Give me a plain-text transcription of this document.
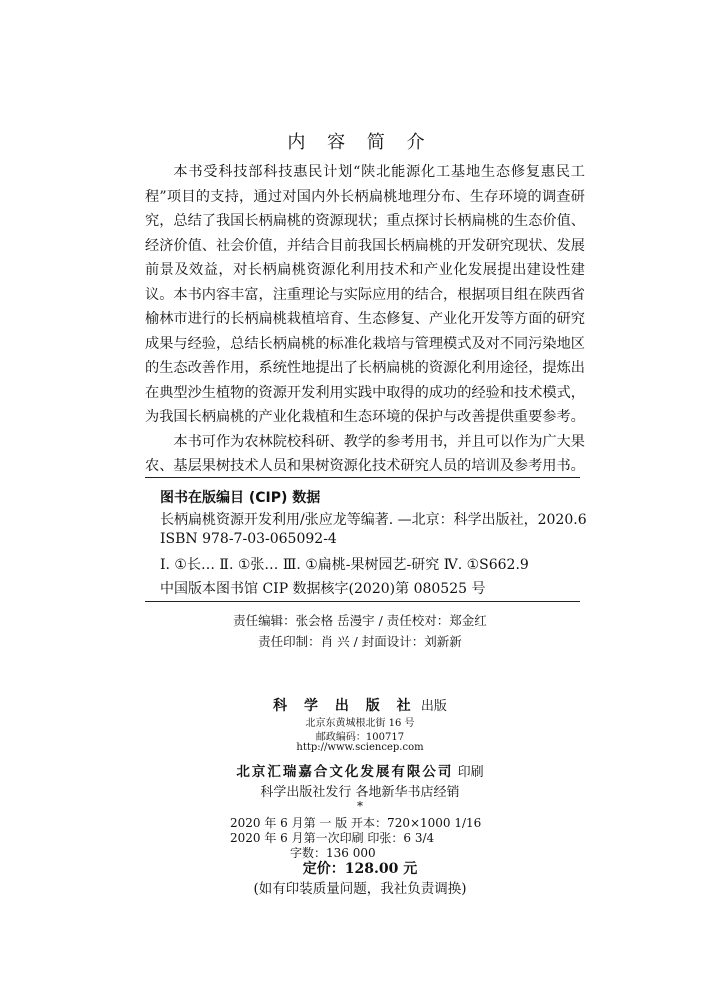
内 容 简 介

本书受科技部科技惠民计划“陕北能源化工基地生态修复惠民工程”项目的支持，通过对国内外长柄扁桃地理分布、生存环境的调查研究，总结了我国长柄扁桃的资源现状；重点探讨长柄扁桃的生态价值、经济价值、社会价值，并结合目前我国长柄扁桃的开发研究现状、发展前景及效益，对长柄扁桃资源化利用技术和产业化发展提出建设性建议。本书内容丰富，注重理论与实际应用的结合，根据项目组在陕西省榆林市进行的长柄扁桃栽植培育、生态修复、产业化开发等方面的研究成果与经验，总结长柄扁桃的标准化栽培与管理模式及对不同污染地区的生态改善作用，系统性地提出了长柄扁桃的资源化利用途径，提炼出在典型沙生植物的资源开发利用实践中取得的成功的经验和技术模式，为我国长柄扁桃的产业化栽植和生态环境的保护与改善提供重要参考。

本书可作为农林院校科研、教学的参考用书，并且可以作为广大果农、基层果树技术人员和果树资源化技术研究人员的培训及参考用书。

图书在版编目 (CIP) 数据
长柄扁桃资源开发利用/张应龙等编著. —北京：科学出版社，2020.6
ISBN 978-7-03-065092-4
Ⅰ. ①长… Ⅱ. ①张… Ⅲ. ①扁桃-果树园艺-研究 Ⅳ. ①S662.9
中国版本图书馆 CIP 数据核字(2020)第 080525 号
责任编辑：张会格 岳漫宇 / 责任校对：郑金红
责任印制：肖 兴 / 封面设计：刘新新
科 学 出 版 社 出版
北京东黄城根北街 16 号
邮政编码：100717
http://www.sciencep.com
北京汇瑞嘉合文化发展有限公司 印刷
科学出版社发行 各地新华书店经销
*
2020 年 6 月第 一 版 开本：720×1000 1/16
2020 年 6 月第一次印刷 印张：6 3/4
字数：136 000
定价：128.00 元
(如有印装质量问题，我社负责调换)
